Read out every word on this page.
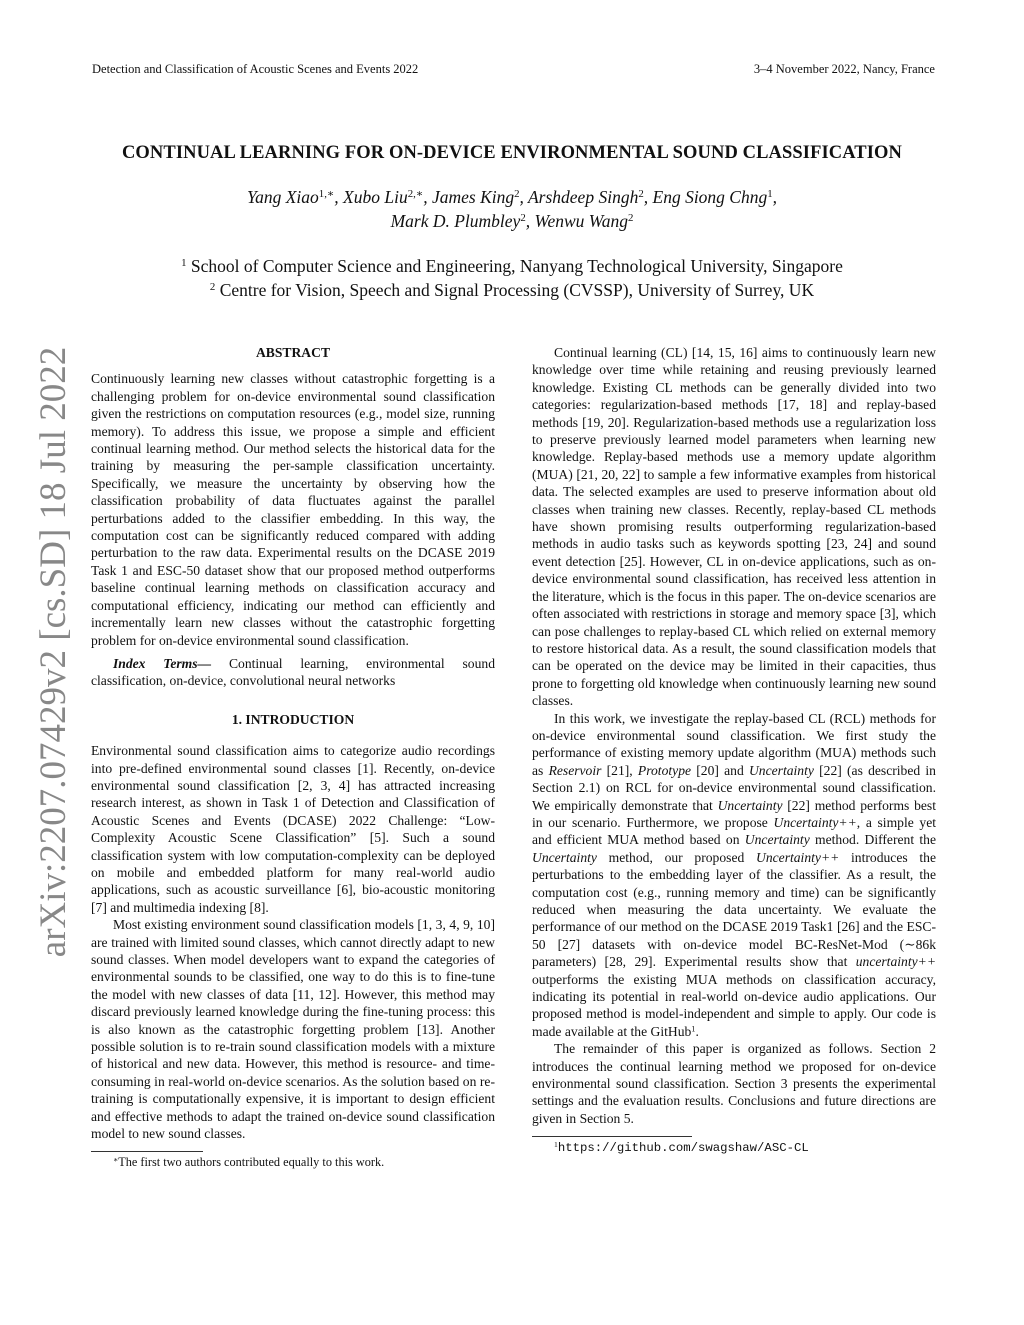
Detection and Classification of Acoustic Scenes and Events 2022	3–4 November 2022, Nancy, France
CONTINUAL LEARNING FOR ON-DEVICE ENVIRONMENTAL SOUND CLASSIFICATION
Yang Xiao$^{1,∗}$, Xubo Liu$^{2,∗}$, James King$^2$, Arshdeep Singh$^2$, Eng Siong Chng$^1$,
Mark D. Plumbley$^2$, Wenwu Wang$^2$
$^1$ School of Computer Science and Engineering, Nanyang Technological University, Singapore
$^2$ Centre for Vision, Speech and Signal Processing (CVSSP), University of Surrey, UK
arXiv:2207.07429v2 [cs.SD] 18 Jul 2022	ABSTRACT

Continuously learning new classes without catastrophic forgetting is a challenging problem for on-device environmental sound classification given the restrictions on computation resources (e.g., model size, running memory). To address this issue, we propose a simple and efficient continual learning method. Our method selects the historical data for the training by measuring the per-sample classification uncertainty. Specifically, we measure the uncertainty by observing how the classification probability of data fluctuates against the parallel perturbations added to the classifier embedding. In this way, the computation cost can be significantly reduced compared with adding perturbation to the raw data. Experimental results on the DCASE 2019 Task 1 and ESC-50 dataset show that our proposed method outperforms baseline continual learning methods on classification accuracy and computational efficiency, indicating our method can efficiently and incrementally learn new classes without the catastrophic forgetting problem for on-device environmental sound classification.

Index Terms— Continual learning, environmental sound classification, on-device, convolutional neural networks

1. INTRODUCTION

Environmental sound classification aims to categorize audio recordings into pre-defined environmental sound classes [1]. Recently, on-device environmental sound classification [2, 3, 4] has attracted increasing research interest, as shown in Task 1 of Detection and Classification of Acoustic Scenes and Events (DCASE) 2022 Challenge: “Low-Complexity Acoustic Scene Classification” [5]. Such a sound classification system with low computation-complexity can be deployed on mobile and embedded platform for many real-world audio applications, such as acoustic surveillance [6], bio-acoustic monitoring [7] and multimedia indexing [8].

Most existing environment sound classification models [1, 3, 4, 9, 10] are trained with limited sound classes, which cannot directly adapt to new sound classes. When model developers want to expand the categories of environmental sounds to be classified, one way to do this is to fine-tune the model with new classes of data [11, 12]. However, this method may discard previously learned knowledge during the fine-tuning process: this is also known as the catastrophic forgetting problem [13]. Another possible solution is to re-train sound classification models with a mixture of historical and new data. However, this method is resource- and time-consuming in real-world on-device scenarios. As the solution based on re-training is computationally expensive, it is important to design efficient and effective methods to adapt the trained on-device sound classification model to new sound classes.

∗The first two authors contributed equally to this work.

Continual learning (CL) [14, 15, 16] aims to continuously learn new knowledge over time while retaining and reusing previously learned knowledge. Existing CL methods can be generally divided into two categories: regularization-based methods [17, 18] and replay-based methods [19, 20]. Regularization-based methods use a regularization loss to preserve previously learned model parameters when learning new knowledge. Replay-based methods use a memory update algorithm (MUA) [21, 20, 22] to sample a few informative examples from historical data. The selected examples are used to preserve information about old classes when training new classes. Recently, replay-based CL methods have shown promising results outperforming regularization-based methods in audio tasks such as keywords spotting [23, 24] and sound event detection [25]. However, CL in on-device applications, such as on-device environmental sound classification, has received less attention in the literature, which is the focus in this paper. The on-device scenarios are often associated with restrictions in storage and memory space [3], which can pose challenges to replay-based CL which relied on external memory to restore historical data. As a result, the sound classification models that can be operated on the device may be limited in their capacities, thus prone to forgetting old knowledge when continuously learning new sound classes.

In this work, we investigate the replay-based CL (RCL) methods for on-device environmental sound classification. We first study the performance of existing memory update algorithm (MUA) methods such as Reservoir [21], Prototype [20] and Uncertainty [22] (as described in Section 2.1) on RCL for on-device environmental sound classification. We empirically demonstrate that Uncertainty [22] method performs best in our scenario. Furthermore, we propose Uncertainty++, a simple yet and efficient MUA method based on Uncertainty method. Different the Uncertainty method, our proposed Uncertainty++ introduces the perturbations to the embedding layer of the classifier. As a result, the computation cost (e.g., running memory and time) can be significantly reduced when measuring the data uncertainty. We evaluate the performance of our method on the DCASE 2019 Task1 [26] and the ESC-50 [27] datasets with on-device model BC-ResNet-Mod (∼86k parameters) [28, 29]. Experimental results show that uncertainty++ outperforms the existing MUA methods on classification accuracy, indicating its potential in real-world on-device audio applications. Our proposed method is model-independent and simple to apply. Our code is made available at the GitHub$^1$.

The remainder of this paper is organized as follows. Section 2 introduces the continual learning method we proposed for on-device environmental sound classification. Section 3 presents the experimental settings and the evaluation results. Conclusions and future directions are given in Section 5.

$^1$https://github.com/swagshaw/ASC-CL
